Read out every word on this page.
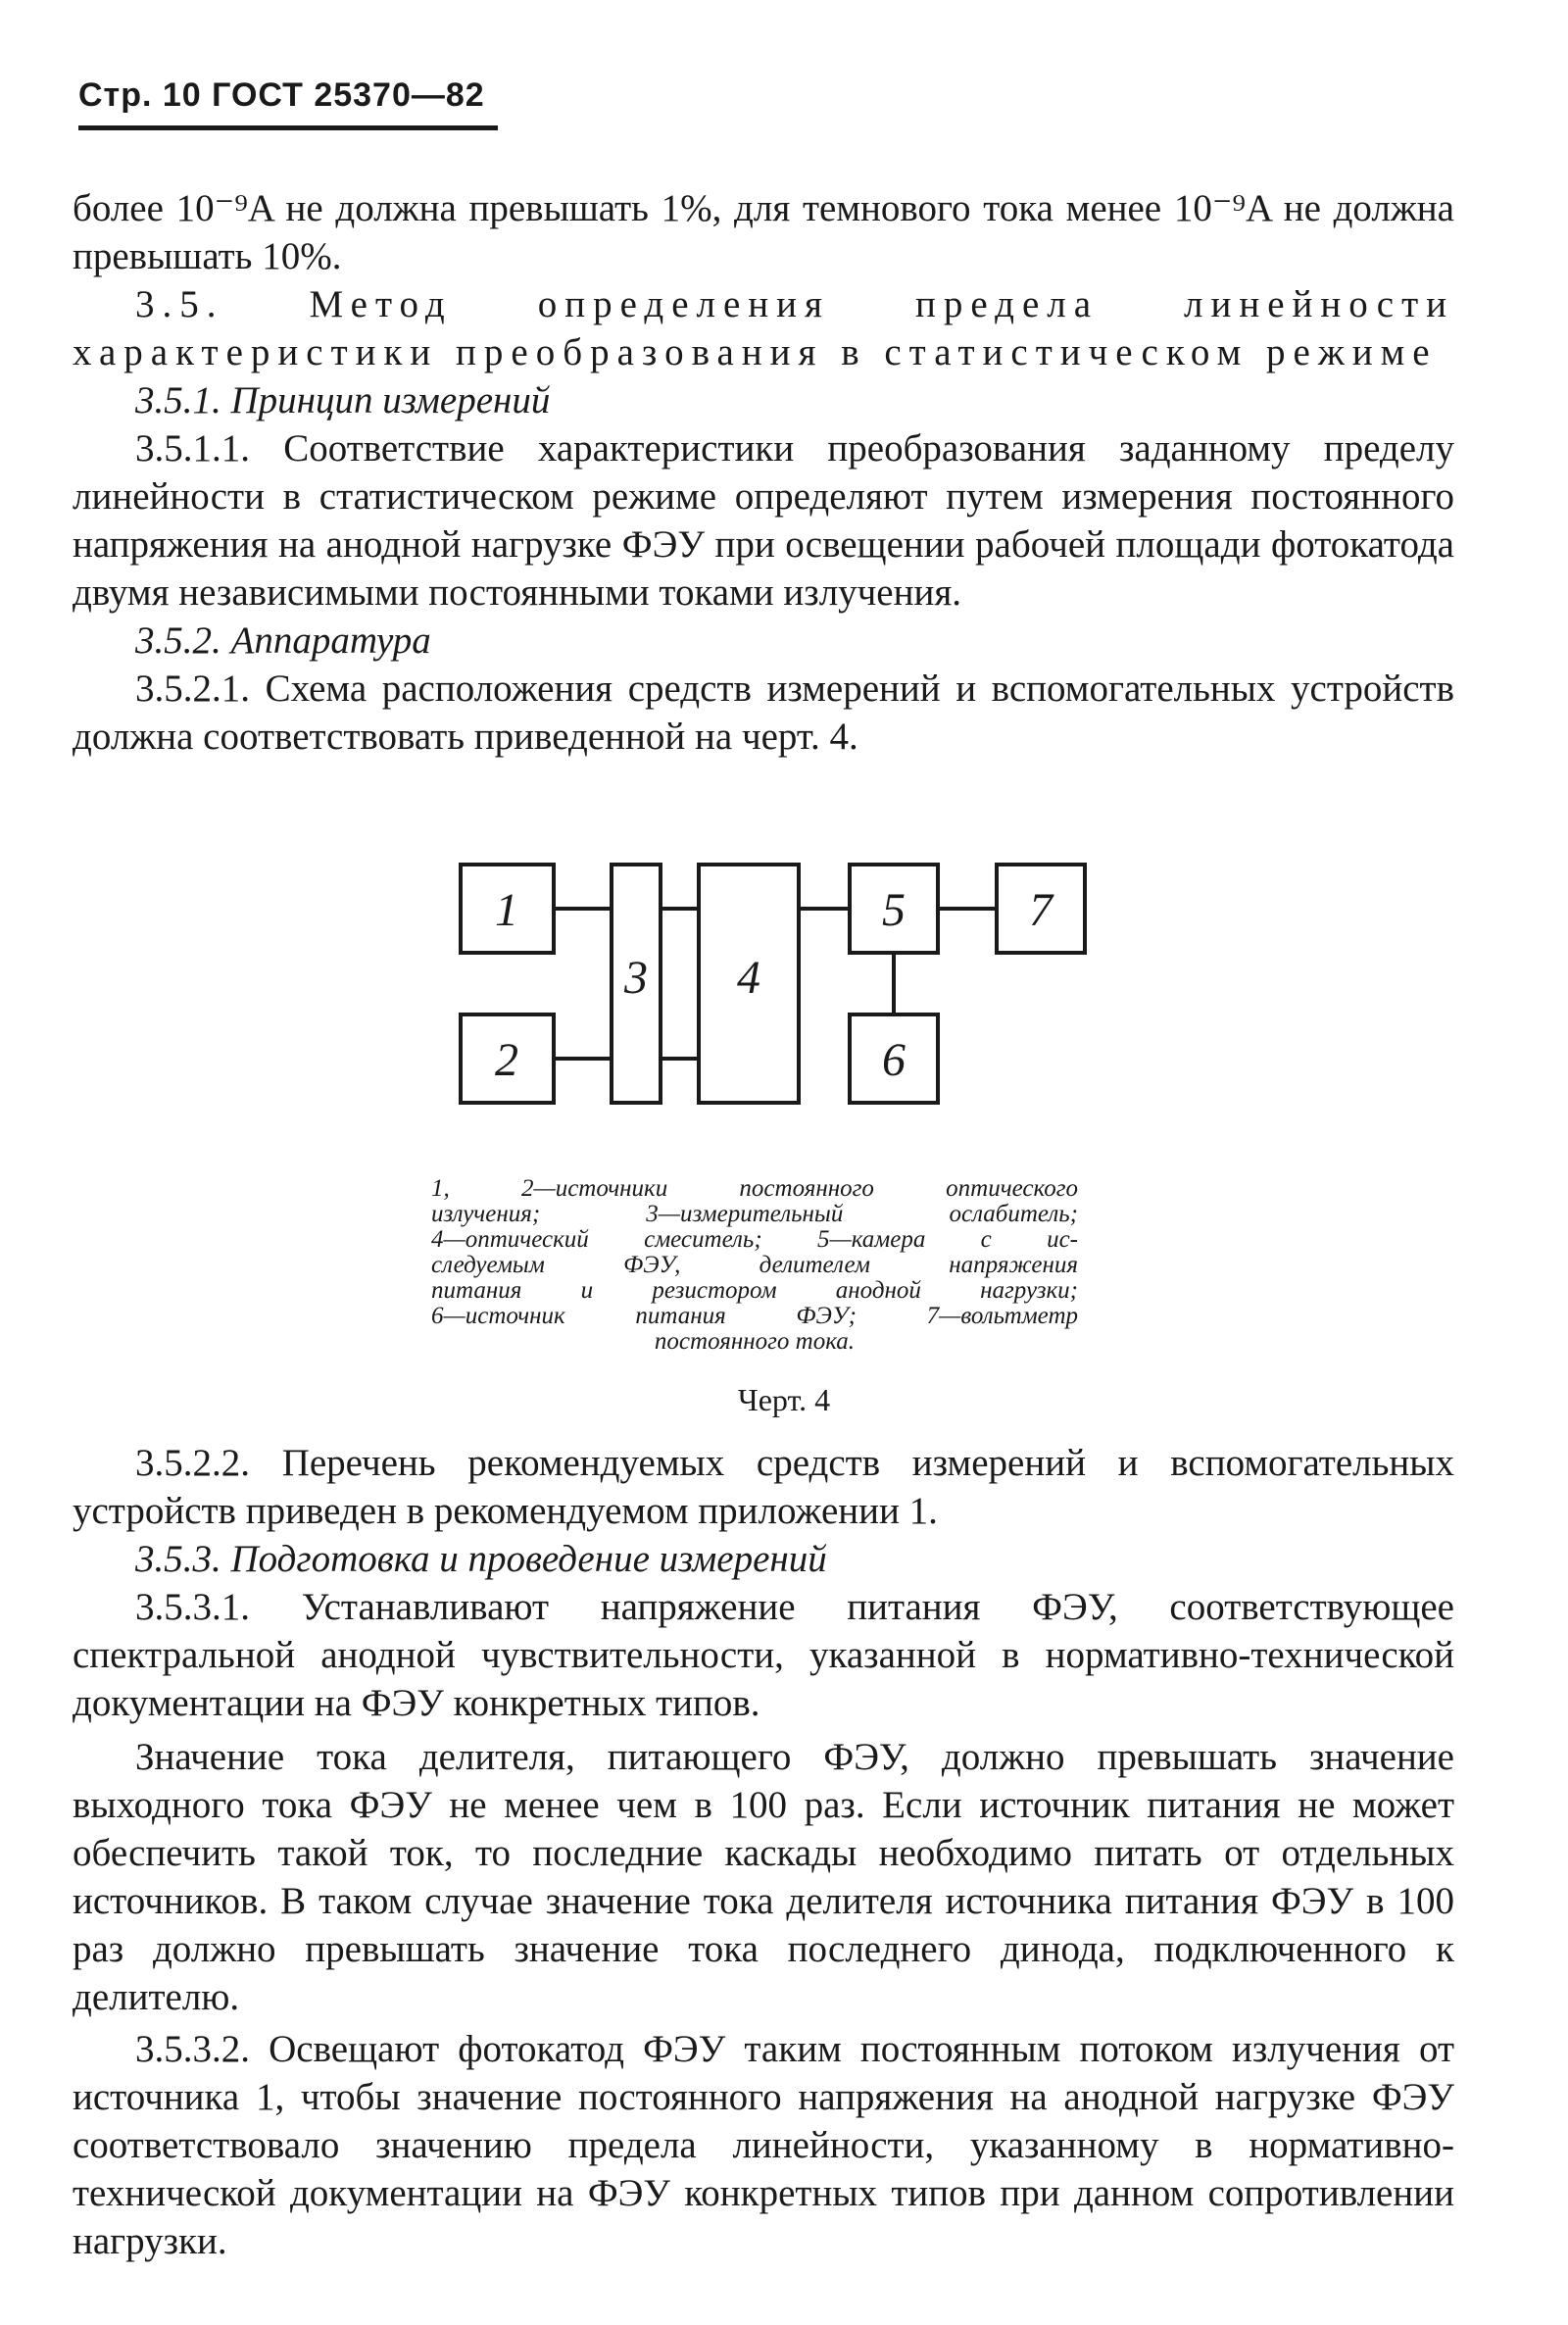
Стр. 10 ГОСТ 25370—82

более 10⁻⁹A не должна превышать 1%, для темнового тока менее 10⁻⁹A не должна превышать 10%.

3.5. Метод определения предела линейности характеристики преобразования в статистическом режиме

3.5.1. Принцип измерений

3.5.1.1. Соответствие характеристики преобразования заданному пределу линейности в статистическом режиме определяют путем измерения постоянного напряжения на анодной нагрузке ФЭУ при освещении рабочей площади фотокатода двумя независимыми постоянными токами излучения.

3.5.2. Аппаратура

3.5.2.1. Схема расположения средств измерений и вспомогательных устройств должна соответствовать приведенной на черт. 4.

1
2
3 4
5
6
7
1, 2—источники постоянного оптического
излучения; 3—измерительный ослабитель;
4—оптический смеситель; 5—камера с ис-
следуемым ФЭУ, делителем напряжения
питания и резистором анодной нагрузки;
6—источник питания ФЭУ; 7—вольтметр
постоянного тока.
Черт. 4

3.5.2.2. Перечень рекомендуемых средств измерений и вспомогательных устройств приведен в рекомендуемом приложении 1.

3.5.3. Подготовка и проведение измерений

3.5.3.1. Устанавливают напряжение питания ФЭУ, соответствующее спектральной анодной чувствительности, указанной в нормативно-технической документации на ФЭУ конкретных типов.

Значение тока делителя, питающего ФЭУ, должно превышать значение выходного тока ФЭУ не менее чем в 100 раз. Если источник питания не может обеспечить такой ток, то последние каскады необходимо питать от отдельных источников. В таком случае значение тока делителя источника питания ФЭУ в 100 раз должно превышать значение тока последнего динода, подключенного к делителю.

3.5.3.2. Освещают фотокатод ФЭУ таким постоянным потоком излучения от источника 1, чтобы значение постоянного напряжения на анодной нагрузке ФЭУ соответствовало значению предела линейности, указанному в нормативно-технической документации на ФЭУ конкретных типов при данном сопротивлении нагрузки.
